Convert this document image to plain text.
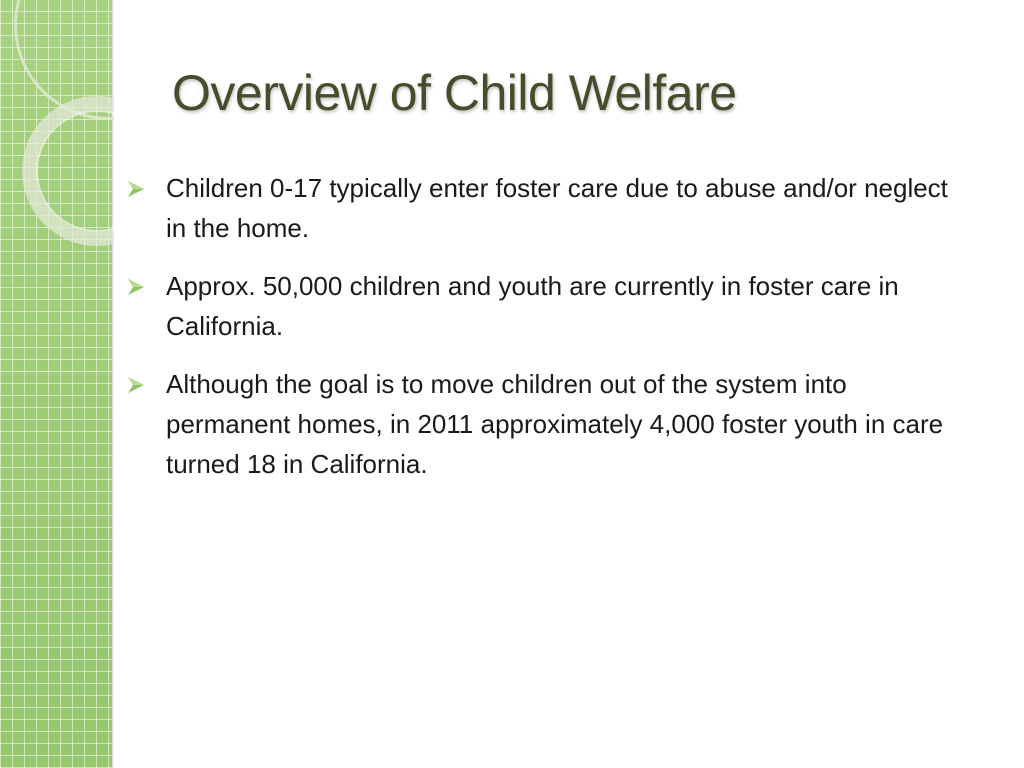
Overview of Child Welfare
Children 0-17 typically enter foster care due to abuse and/or neglect in the home.
Approx. 50,000 children and youth are currently in foster care in California.
Although the goal is to move children out of the system into permanent homes, in 2011 approximately 4,000 foster youth in care turned 18 in California.
